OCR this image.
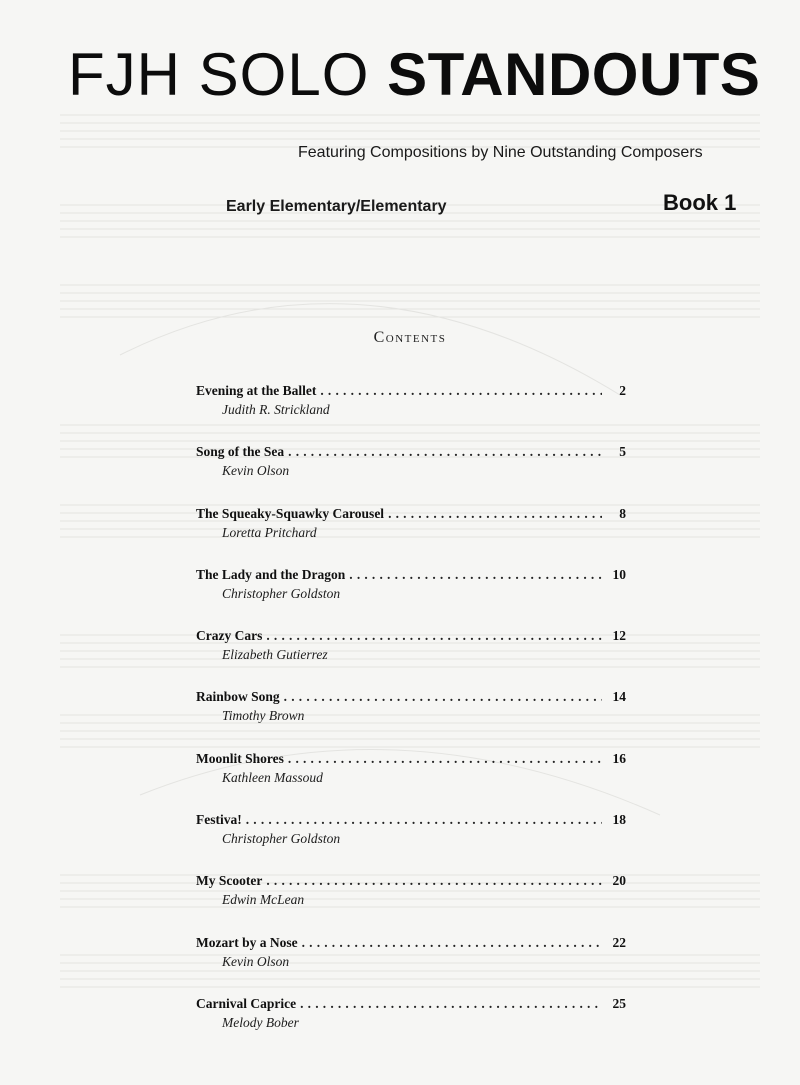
FJH SOLO STANDOUTS
Featuring Compositions by Nine Outstanding Composers
Early Elementary/Elementary	Book 1
Contents
Evening at the Ballet . . .	2
Judith R. Strickland
Song of the Sea . . .	5
Kevin Olson
The Squeaky-Squawky Carousel . . .	8
Loretta Pritchard
The Lady and the Dragon . . .	10
Christopher Goldston
Crazy Cars . . .	12
Elizabeth Gutierrez
Rainbow Song . . .	14
Timothy Brown
Moonlit Shores . . .	16
Kathleen Massoud
Festiva! . . .	18
Christopher Goldston
My Scooter . . .	20
Edwin McLean
Mozart by a Nose . . .	22
Kevin Olson
Carnival Caprice . . .	25
Melody Bober
